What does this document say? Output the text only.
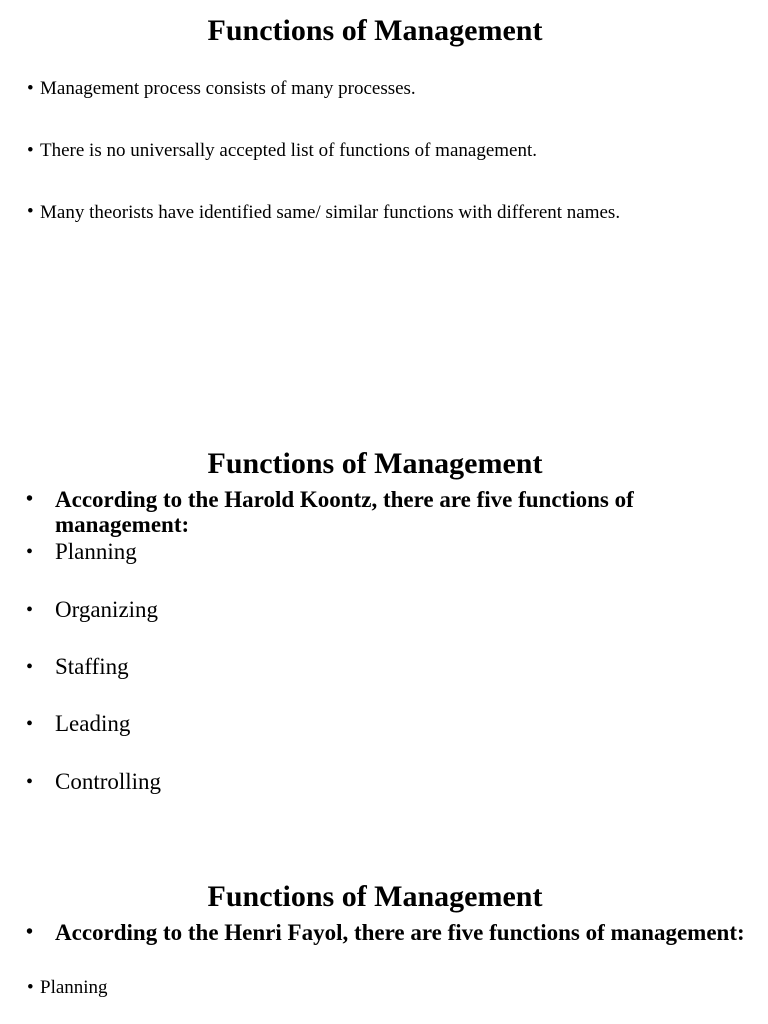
Functions of Management
• Management process consists of many processes.
• There is no universally accepted list of functions of management.
• Many theorists have identified same/ similar functions with different names.
Functions of Management
• According to the Harold Koontz, there are five functions of management:
• Planning
• Organizing
• Staffing
• Leading
• Controlling
Functions of Management
• According to the Henri Fayol, there are five functions of management:
• Planning
